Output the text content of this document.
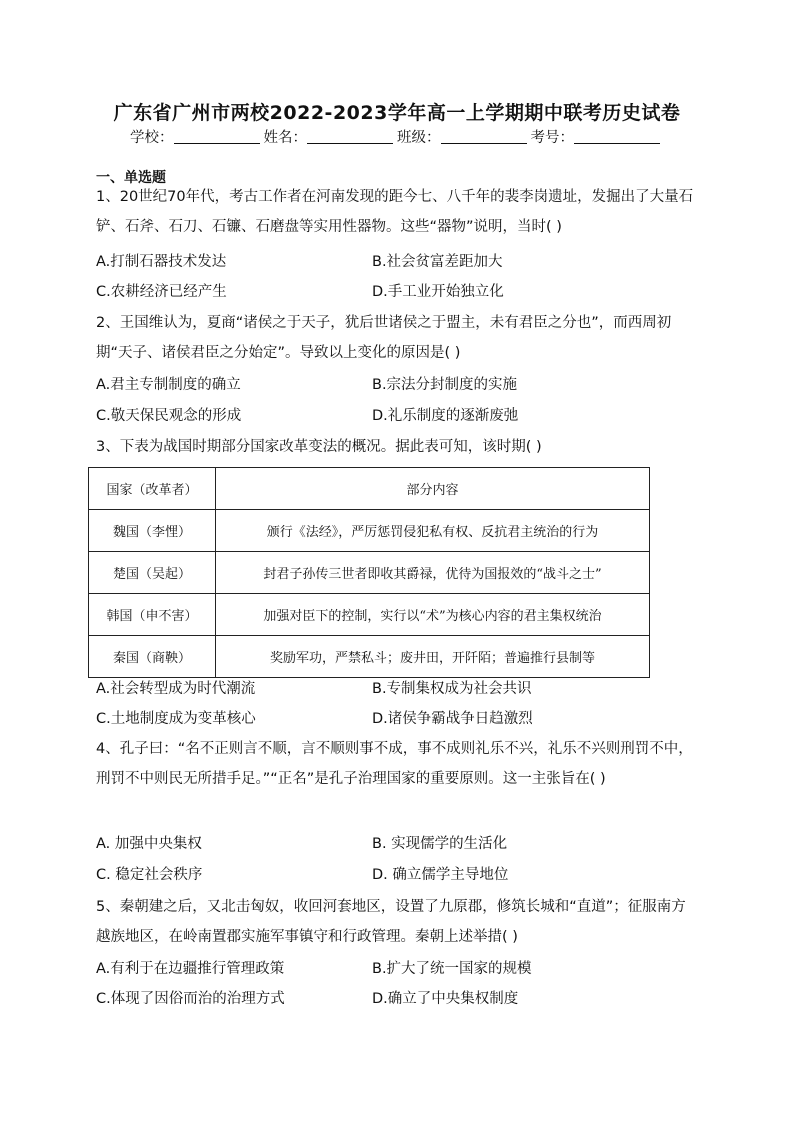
广东省广州市两校2022-2023学年高一上学期期中联考历史试卷
学校：	姓名：	班级：	考号：
一、单选题
1、20世纪70年代，考古工作者在河南发现的距今七、八千年的裴李岗遗址，发掘出了大量石铲、石斧、石刀、石镰、石磨盘等实用性器物。这些“器物”说明，当时( )
A.打制石器技术发达	B.社会贫富差距加大
C.农耕经济已经产生	D.手工业开始独立化
2、王国维认为，夏商“诸侯之于天子，犹后世诸侯之于盟主，未有君臣之分也”，而西周初期“天子、诸侯君臣之分始定”。导致以上变化的原因是( )
A.君主专制制度的确立	B.宗法分封制度的实施
C.敬天保民观念的形成	D.礼乐制度的逐渐废弛
3、下表为战国时期部分国家改革变法的概况。据此表可知，该时期( )
国家（改革者）	部分内容
魏国（李悝）	颁行《法经》，严厉惩罚侵犯私有权、反抗君主统治的行为
楚国（吴起）	封君子孙传三世者即收其爵禄，优待为国报效的“战斗之士”
韩国（申不害）	加强对臣下的控制，实行以“术”为核心内容的君主集权统治
秦国（商鞅）	奖励军功，严禁私斗；废井田，开阡陌；普遍推行县制等
A.社会转型成为时代潮流	B.专制集权成为社会共识
C.土地制度成为变革核心	D.诸侯争霸战争日趋激烈
4、孔子曰：“名不正则言不顺，言不顺则事不成，事不成则礼乐不兴，礼乐不兴则刑罚不中，刑罚不中则民无所措手足。”“正名”是孔子治理国家的重要原则。这一主张旨在( )
A. 加强中央集权	B. 实现儒学的生活化
C. 稳定社会秩序	D. 确立儒学主导地位
5、秦朝建之后，又北击匈奴，收回河套地区，设置了九原郡，修筑长城和“直道”；征服南方越族地区，在岭南置郡实施军事镇守和行政管理。秦朝上述举措( )
A.有利于在边疆推行管理政策	B.扩大了统一国家的规模
C.体现了因俗而治的治理方式	D.确立了中央集权制度
